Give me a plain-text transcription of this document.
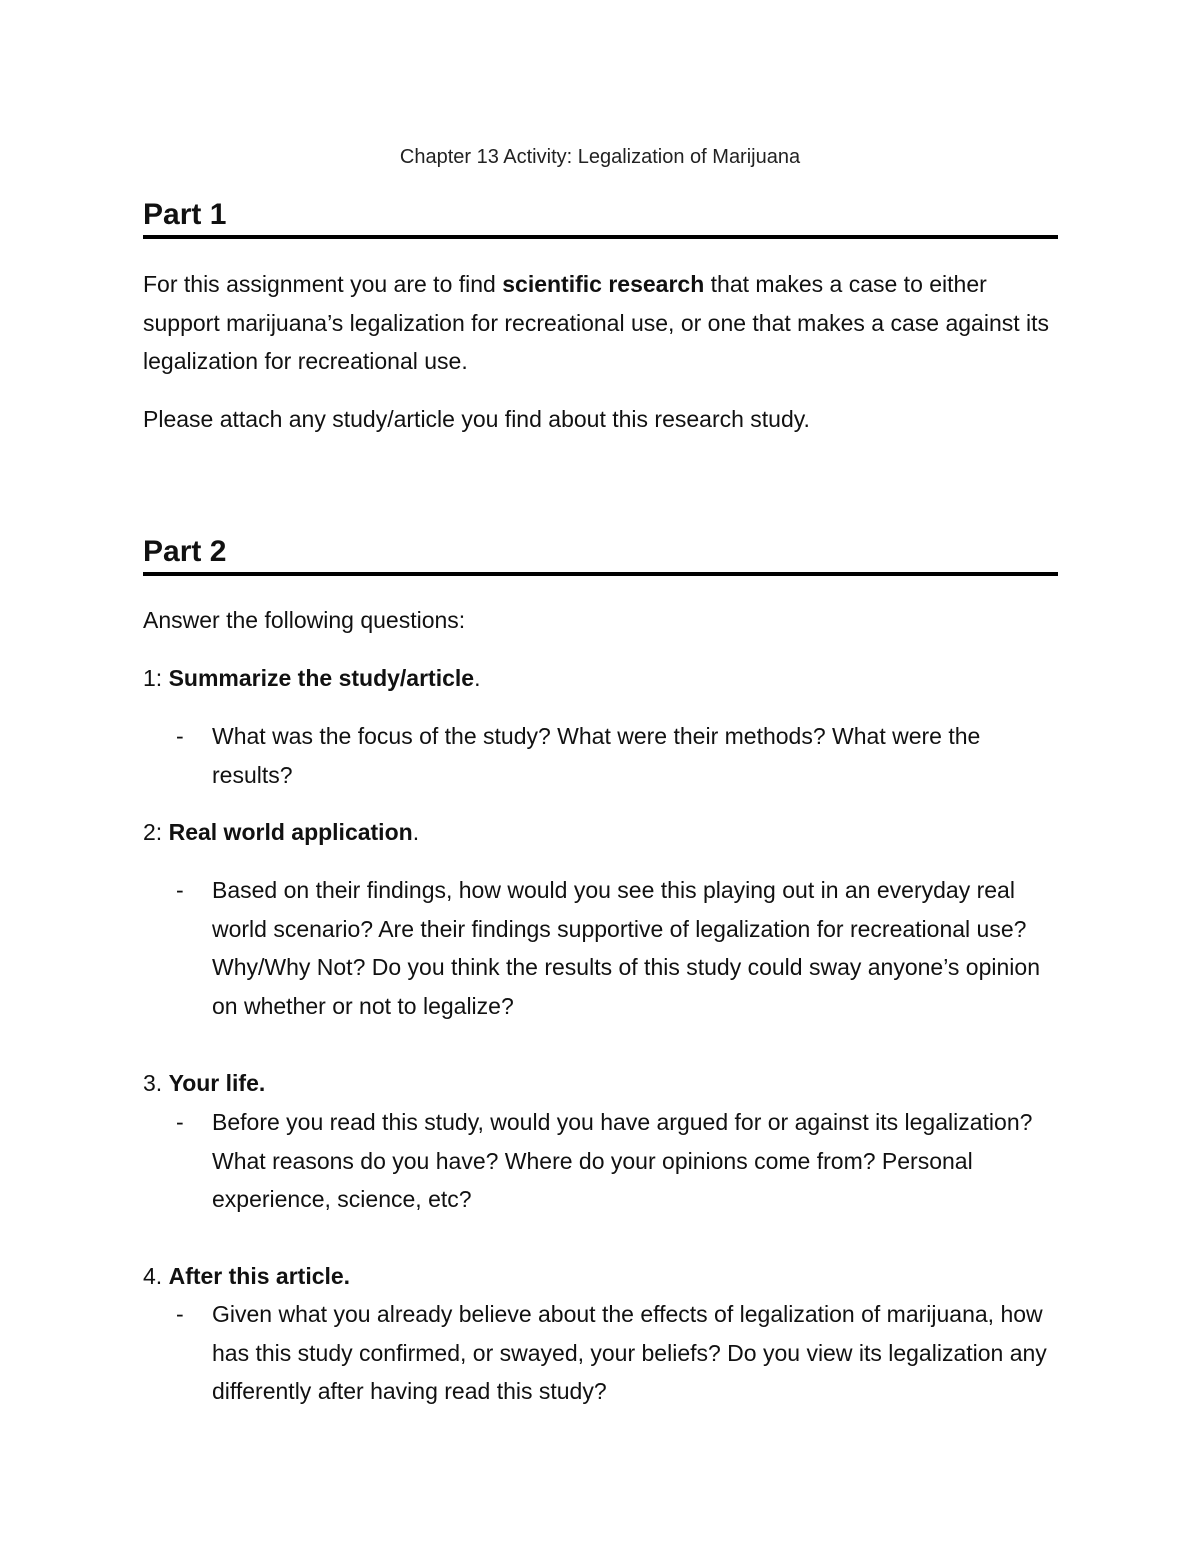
Chapter 13 Activity: Legalization of Marijuana
Part 1

For this assignment you are to find scientific research that makes a case to either support marijuana’s legalization for recreational use, or one that makes a case against its legalization for recreational use.

Please attach any study/article you find about this research study.

Part 2

Answer the following questions:

1: Summarize the study/article.
- What was the focus of the study? What were their methods? What were the results?
2: Real world application.
- Based on their findings, how would you see this playing out in an everyday real world scenario? Are their findings supportive of legalization for recreational use? Why/Why Not? Do you think the results of this study could sway anyone’s opinion on whether or not to legalize?
3. Your life.
- Before you read this study, would you have argued for or against its legalization? What reasons do you have? Where do your opinions come from? Personal experience, science, etc?
4. After this article.
- Given what you already believe about the effects of legalization of marijuana, how has this study confirmed, or swayed, your beliefs? Do you view its legalization any differently after having read this study?
